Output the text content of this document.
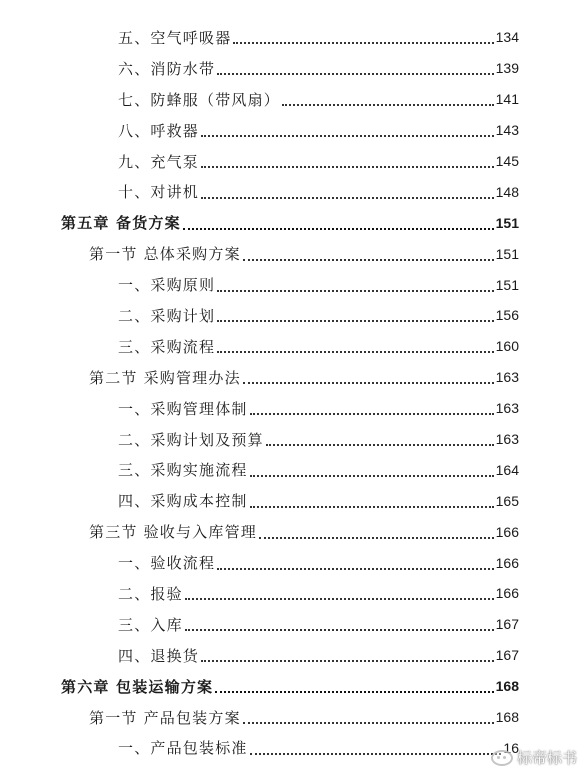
五、空气呼吸器	134
六、消防水带	139
七、防蜂服（带风扇）	141
八、呼救器	143
九、充气泵	145
十、对讲机	148
第五章 备货方案	151
第一节 总体采购方案	151
一、采购原则	151
二、采购计划	156
三、采购流程	160
第二节 采购管理办法	163
一、采购管理体制	163
二、采购计划及预算	163
三、采购实施流程	164
四、采购成本控制	165
第三节 验收与入库管理	166
一、验收流程	166
二、报验	166
三、入库	167
四、退换货	167
第六章 包装运输方案	168
第一节 产品包装方案	168
一、产品包装标准	16
标帝标书
